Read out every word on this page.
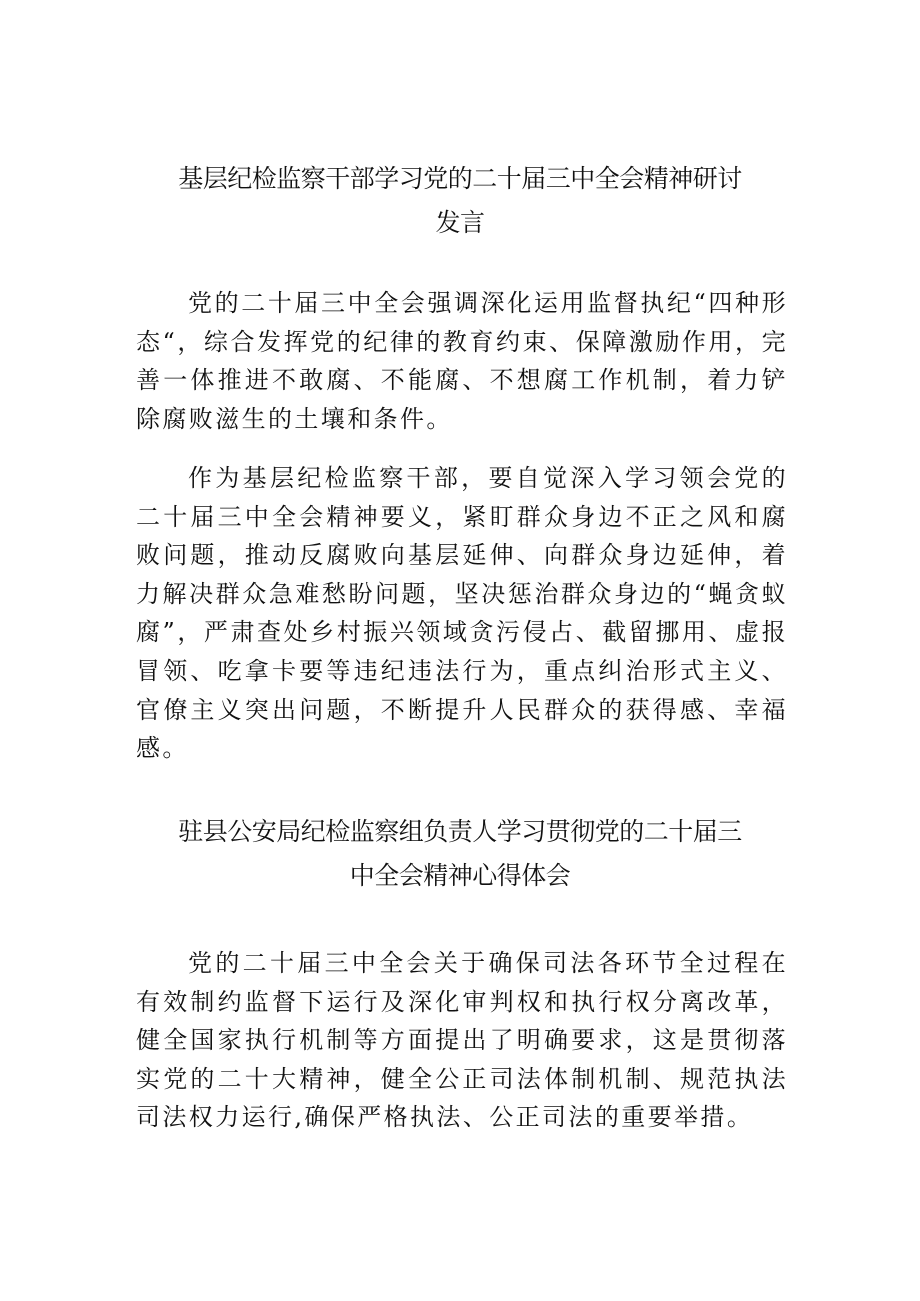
基层纪检监察干部学习党的二十届三中全会精神研讨
发言

党的二十届三中全会强调深化运用监督执纪“四种形态“，综合发挥党的纪律的教育约束、保障激励作用，完善一体推进不敢腐、不能腐、不想腐工作机制，着力铲除腐败滋生的土壤和条件。

作为基层纪检监察干部，要自觉深入学习领会党的二十届三中全会精神要义，紧盯群众身边不正之风和腐败问题，推动反腐败向基层延伸、向群众身边延伸，着力解决群众急难愁盼问题，坚决惩治群众身边的“蝇贪蚁腐”，严肃查处乡村振兴领域贪污侵占、截留挪用、虚报冒领、吃拿卡要等违纪违法行为，重点纠治形式主义、官僚主义突出问题，不断提升人民群众的获得感、幸福感。

驻县公安局纪检监察组负责人学习贯彻党的二十届三
中全会精神心得体会

党的二十届三中全会关于确保司法各环节全过程在有效制约监督下运行及深化审判权和执行权分离改革，健全国家执行机制等方面提出了明确要求，这是贯彻落实党的二十大精神，健全公正司法体制机制、规范执法司法权力运行,确保严格执法、公正司法的重要举措。
